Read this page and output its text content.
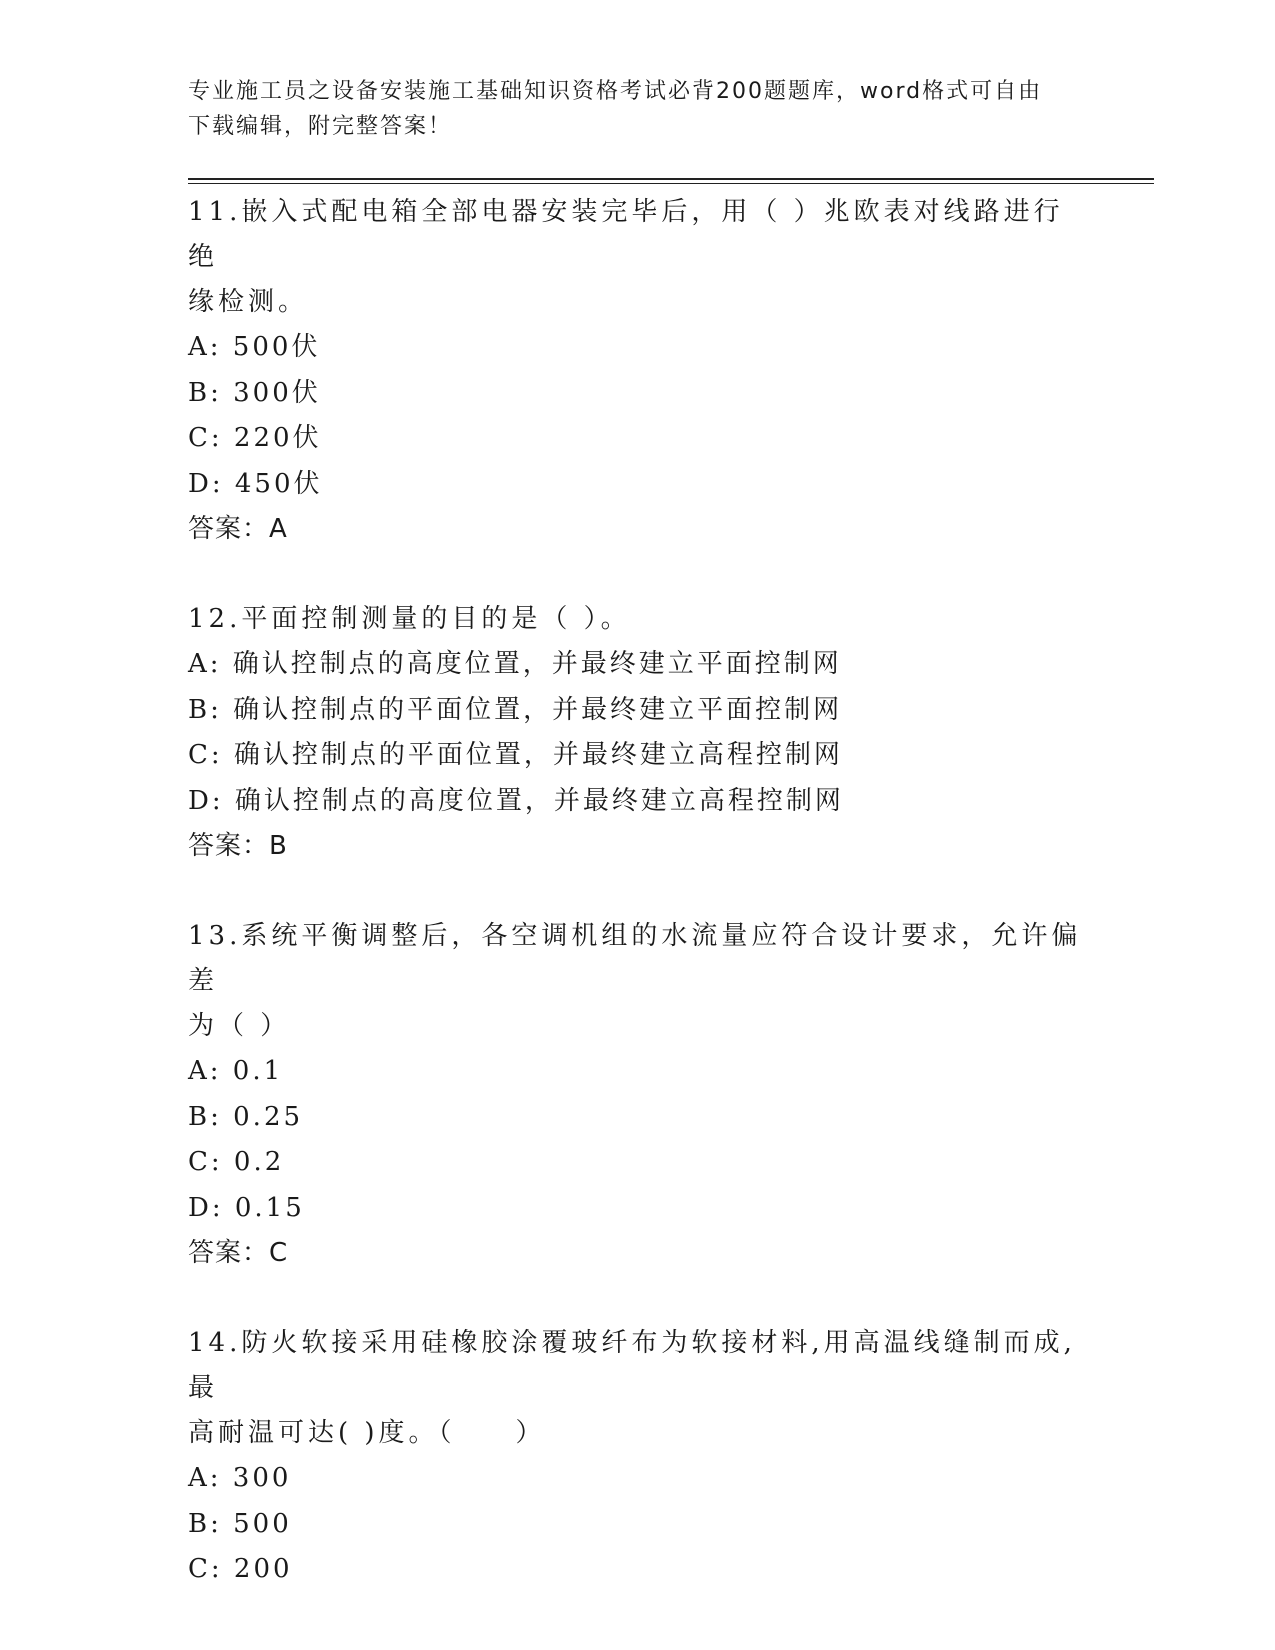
专业施工员之设备安装施工基础知识资格考试必背200题题库，word格式可自由
下载编辑，附完整答案！
11.嵌入式配电箱全部电器安装完毕后，用（ ）兆欧表对线路进行绝
缘检测。
A: 500伏
B: 300伏
C: 220伏
D: 450伏
答案：A
12.平面控制测量的目的是（ ）。
A: 确认控制点的高度位置，并最终建立平面控制网
B: 确认控制点的平面位置，并最终建立平面控制网
C: 确认控制点的平面位置，并最终建立高程控制网
D: 确认控制点的高度位置，并最终建立高程控制网
答案：B
13.系统平衡调整后，各空调机组的水流量应符合设计要求，允许偏差
为（ ）
A: 0.1
B: 0.25
C: 0.2
D: 0.15
答案：C
14.防火软接采用硅橡胶涂覆玻纤布为软接材料,用高温线缝制而成,最
高耐温可达( )度。（　　）
A: 300
B: 500
C: 200
